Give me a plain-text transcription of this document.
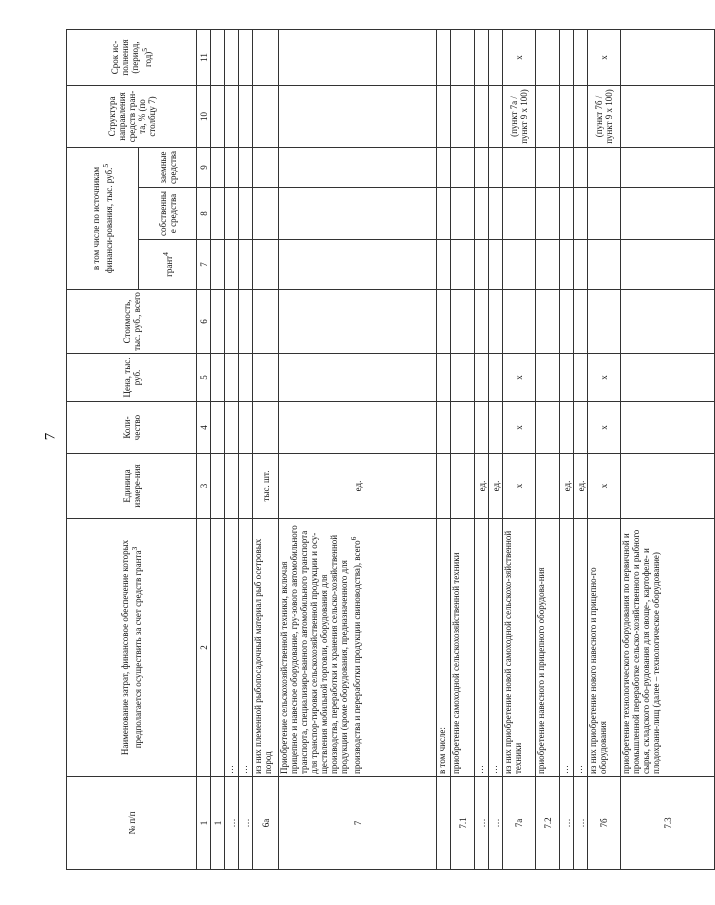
7
№ п/п	Наименование затрат, финансовое обеспечение которых предполагается осуществить за счет средств гранта$^3$	Единица измере-ния	Коли-чество	Цена, тыс. руб.	Стоимость, тыс. руб., всего	в том числе по источникам финанси-рования, тыс. руб.$^5$			Структура направления средств гран-та, % (по столбцу 7)	Срок ис-полнения (период, год)$^5$
						грант$^4$	собственные средства	заемные средства		
1	2	3	4	5	6	7	8	9	10	11
1										
…	…									
…	…									
6а	из них племенной рыбопосадочный материал рыб осетровых пород	тыс. шт.								
7	Приобретение сельскохозяйственной техники, включая прицепное и навесное оборудование, гру-зового автомобильного транспорта, специализиро-ванного автомобильного транспорта для транспор-тировки сельскохозяйственной продукции и осу-ществления мобильной торговли, оборудования для производства, переработки и хранения сельско-хозяйственной продукции (кроме оборудования, предназначенного для производства и переработки продукции свиноводства), всего$^6$	ед.								
	в том числе:									
7.1	приобретение самоходной сельскохозяйственной техники									
…	…	ед.								
…	…	ед.								
7а	из них приобретение новой самоходной сельскохо-зяйственной техники	х	х	х					(пункт 7а / пункт 9 х 100)	х
7.2	приобретение навесного и прицепного оборудова-ния									
…	…	ед.								
…	…	ед.								
7б	из них приобретение нового навесного и прицепно-го оборудования	х	х	х					(пункт 7б / пункт 9 х 100)	х
7.3	приобретение технологического оборудования по первичной и промышленной переработке сельско-хозяйственного и рыбного сырья, складского обо-рудования для овоще-, картофеле- и плодохрани-лищ (далее – технологическое оборудование)									
